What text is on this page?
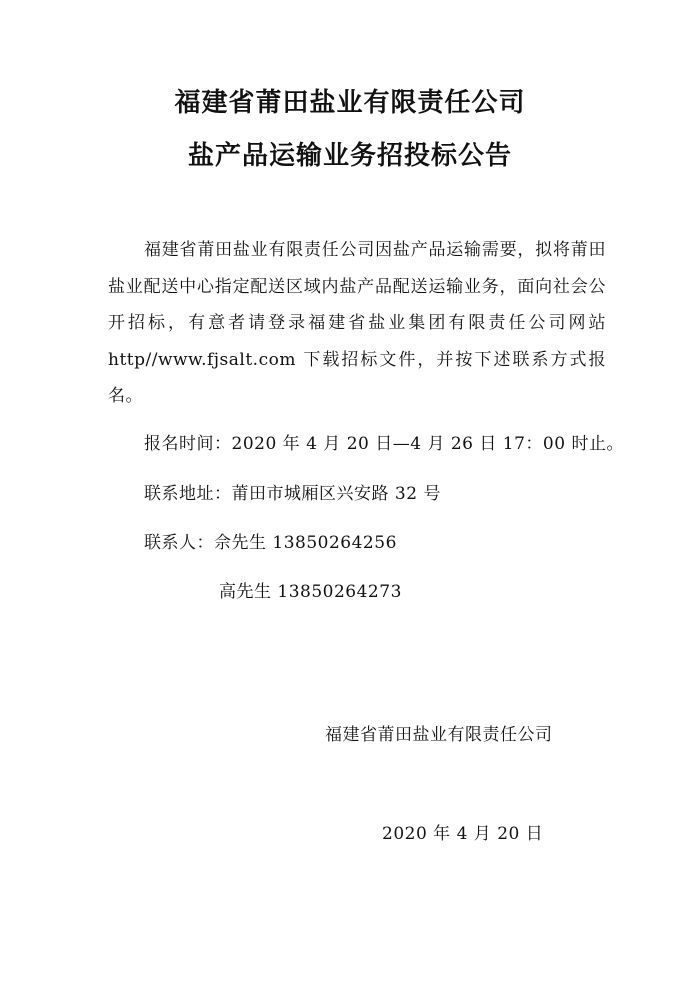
福建省莆田盐业有限责任公司
盐产品运输业务招投标公告

福建省莆田盐业有限责任公司因盐产品运输需要，拟将莆田盐业配送中心指定配送区域内盐产品配送运输业务，面向社会公开招标，有意者请登录福建省盐业集团有限责任公司网站 http//www.fjsalt.com 下载招标文件，并按下述联系方式报名。

报名时间：2020 年 4 月 20 日—4 月 26 日 17：00 时止。
联系地址：莆田市城厢区兴安路 32 号
联系人：佘先生 13850264256
高先生 13850264273
福建省莆田盐业有限责任公司
2020 年 4 月 20 日
